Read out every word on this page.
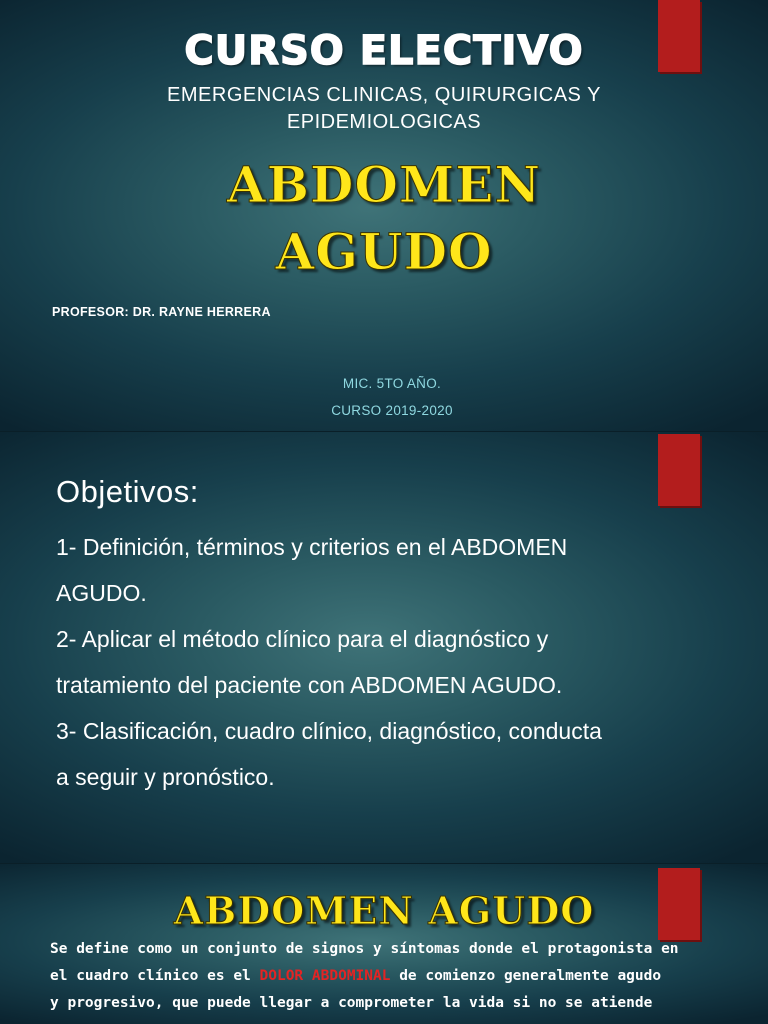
CURSO ELECTIVO
EMERGENCIAS CLINICAS, QUIRURGICAS Y
EPIDEMIOLOGICAS
ABDOMEN
AGUDO
PROFESOR: DR. RAYNE HERRERA
MIC. 5TO AÑO.
CURSO 2019-2020
Objetivos:
1- Definición, términos y criterios en el ABDOMEN
AGUDO.
2- Aplicar el método clínico para el diagnóstico y
tratamiento del paciente con ABDOMEN AGUDO.
3- Clasificación, cuadro clínico, diagnóstico, conducta
a seguir y pronóstico.
ABDOMEN AGUDO
Se define como un conjunto de signos y síntomas donde el protagonista en
el cuadro clínico es el DOLOR ABDOMINAL de comienzo generalmente agudo
y progresivo, que puede llegar a comprometer la vida si no se atiende
